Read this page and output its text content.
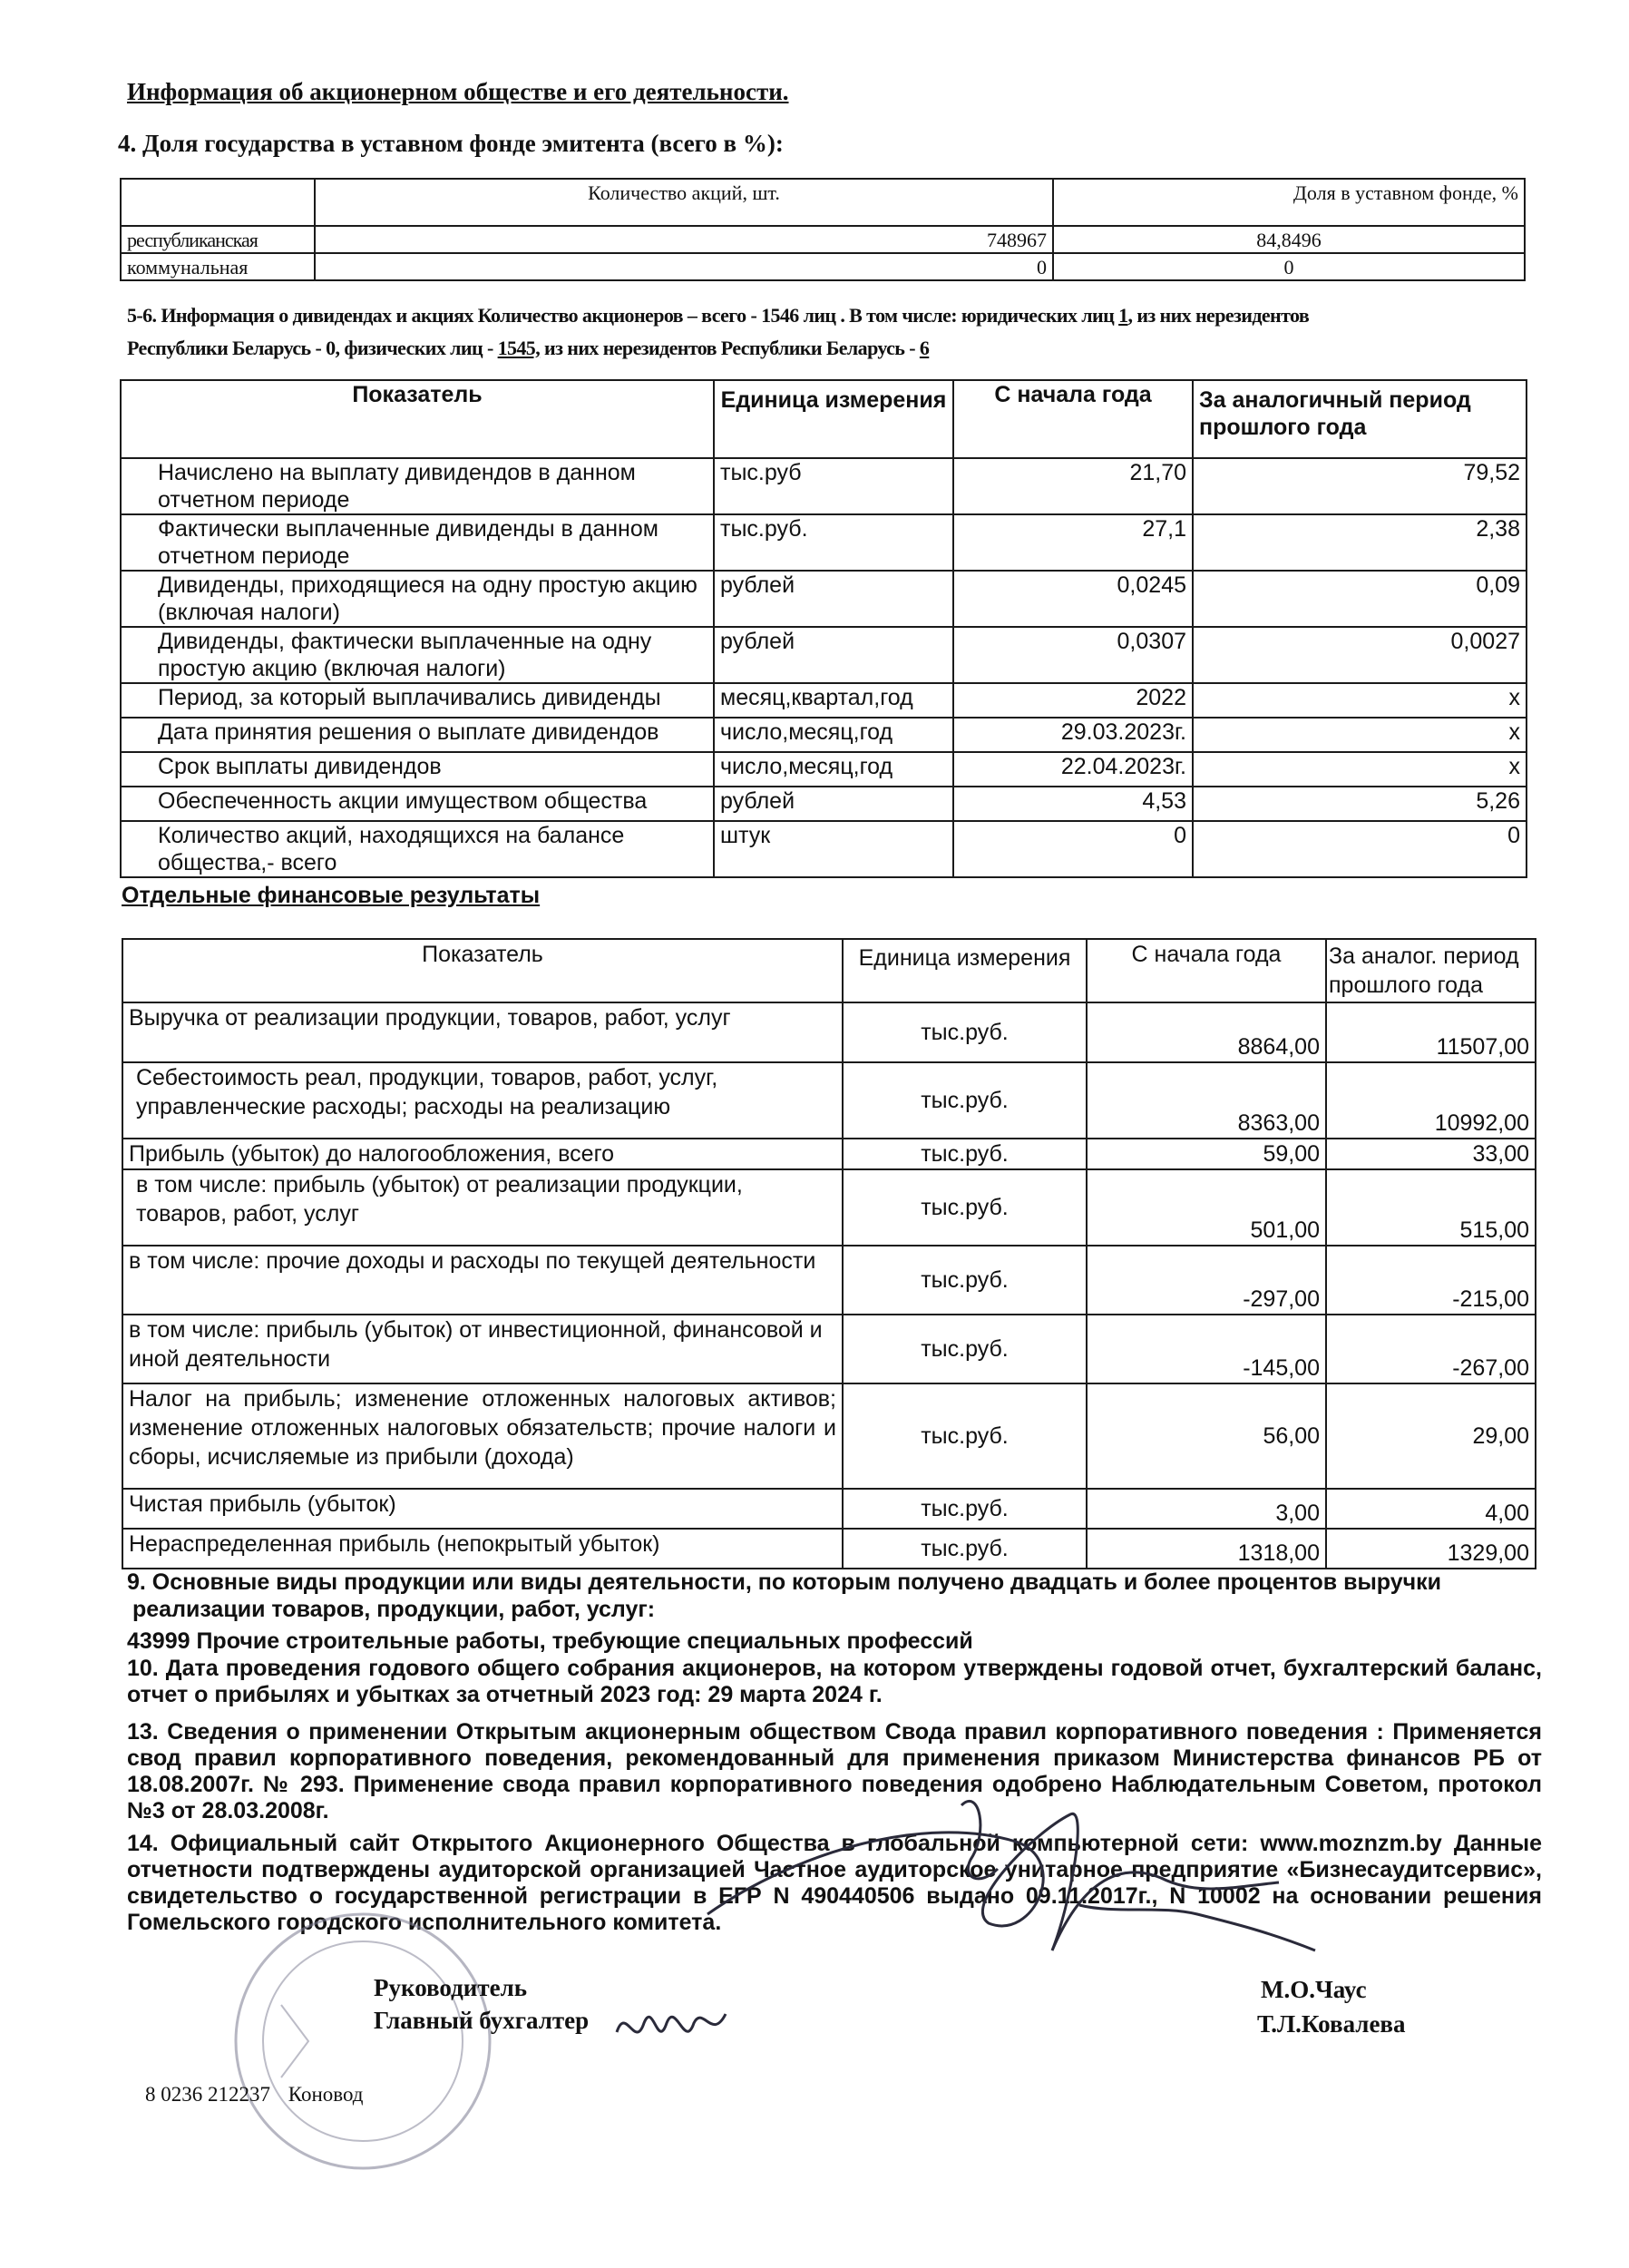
Информация об акционерном обществе и его деятельности.
4. Доля государства в уставном фонде эмитента (всего в %):
	Количество акций, шт.	Доля в уставном фонде, %
республиканская	748967	84,8496
коммунальная	0	0
5-6. Информация о дивидендах и акциях Количество акционеров – всего - 1546 лиц . В том числе: юридических лиц 1, из них нерезидентов
Республики Беларусь - 0, физических лиц - 1545, из них нерезидентов Республики Беларусь - 6
Показатель	Единица измерения	С начала года	За аналогичный период прошлого года
Начислено на выплату дивидендов в данном отчетном периоде	тыс.руб	21,70	79,52
Фактически выплаченные дивиденды в данном отчетном периоде	тыс.руб.	27,1	2,38
Дивиденды, приходящиеся на одну простую акцию (включая налоги)	рублей	0,0245	0,09
Дивиденды, фактически выплаченные на одну простую акцию (включая налоги)	рублей	0,0307	0,0027
Период, за который выплачивались дивиденды	месяц,квартал,год	2022	x
Дата принятия решения о выплате дивидендов	число,месяц,год	29.03.2023г.	x
Срок выплаты дивидендов	число,месяц,год	22.04.2023г.	x
Обеспеченность акции имуществом общества	рублей	4,53	5,26
Количество акций, находящихся на балансе общества,- всего	штук	0	0
Отдельные финансовые результаты
Показатель	Единица измерения	С начала года	За аналог. период прошлого года
Выручка от реализации продукции, товаров, работ, услуг	тыс.руб.	8864,00	11507,00
Себестоимость реал, продукции, товаров, работ, услуг, управленческие расходы; расходы на реализацию	тыс.руб.	8363,00	10992,00
Прибыль (убыток) до налогообложения, всего	тыс.руб.	59,00	33,00
в том числе: прибыль (убыток) от реализации продукции, товаров, работ, услуг	тыс.руб.	501,00	515,00
в том числе: прочие доходы и расходы по текущей деятельности	тыс.руб.	-297,00	-215,00
в том числе: прибыль (убыток) от инвестиционной, финансовой и иной деятельности	тыс.руб.	-145,00	-267,00
Налог на прибыль; изменение отложенных налоговых активов; изменение отложенных налоговых обязательств; прочие налоги и сборы, исчисляемые из прибыли (дохода)	тыс.руб.	56,00	29,00
Чистая прибыль (убыток)	тыс.руб.	3,00	4,00
Нераспределенная прибыль (непокрытый убыток)	тыс.руб.	1318,00	1329,00
9. Основные виды продукции или виды деятельности, по которым получено двадцать и более процентов выручки
реализации товаров, продукции, работ, услуг:
43999 Прочие строительные работы, требующие специальных профессий
10. Дата проведения годового общего собрания акционеров, на котором утверждены годовой отчет, бухгалтерский баланс, отчет о прибылях и убытках за отчетный 2023 год: 29 марта 2024 г.
13. Сведения о применении Открытым акционерным обществом Свода правил корпоративного поведения : Применяется свод правил корпоративного поведения, рекомендованный для применения приказом Министерства финансов РБ от 18.08.2007г. № 293. Применение свода правил корпоративного поведения одобрено Наблюдательным Советом, протокол №3 от 28.03.2008г.
14. Официальный сайт Открытого Акционерного Общества в глобальной компьютерной сети: www.moznzm.by Данные отчетности подтверждены аудиторской организацией Частное аудиторское унитарное предприятие «Бизнесаудитсервис», свидетельство о государственной регистрации в ЕГР N 490440506 выдано 09.11.2017г., N 10002 на основании решения Гомельского городского исполнительного комитета.
Руководитель
Главный бухгалтер
М.О.Чаус
Т.Л.Ковалева
8 0236 212237 Коновод
